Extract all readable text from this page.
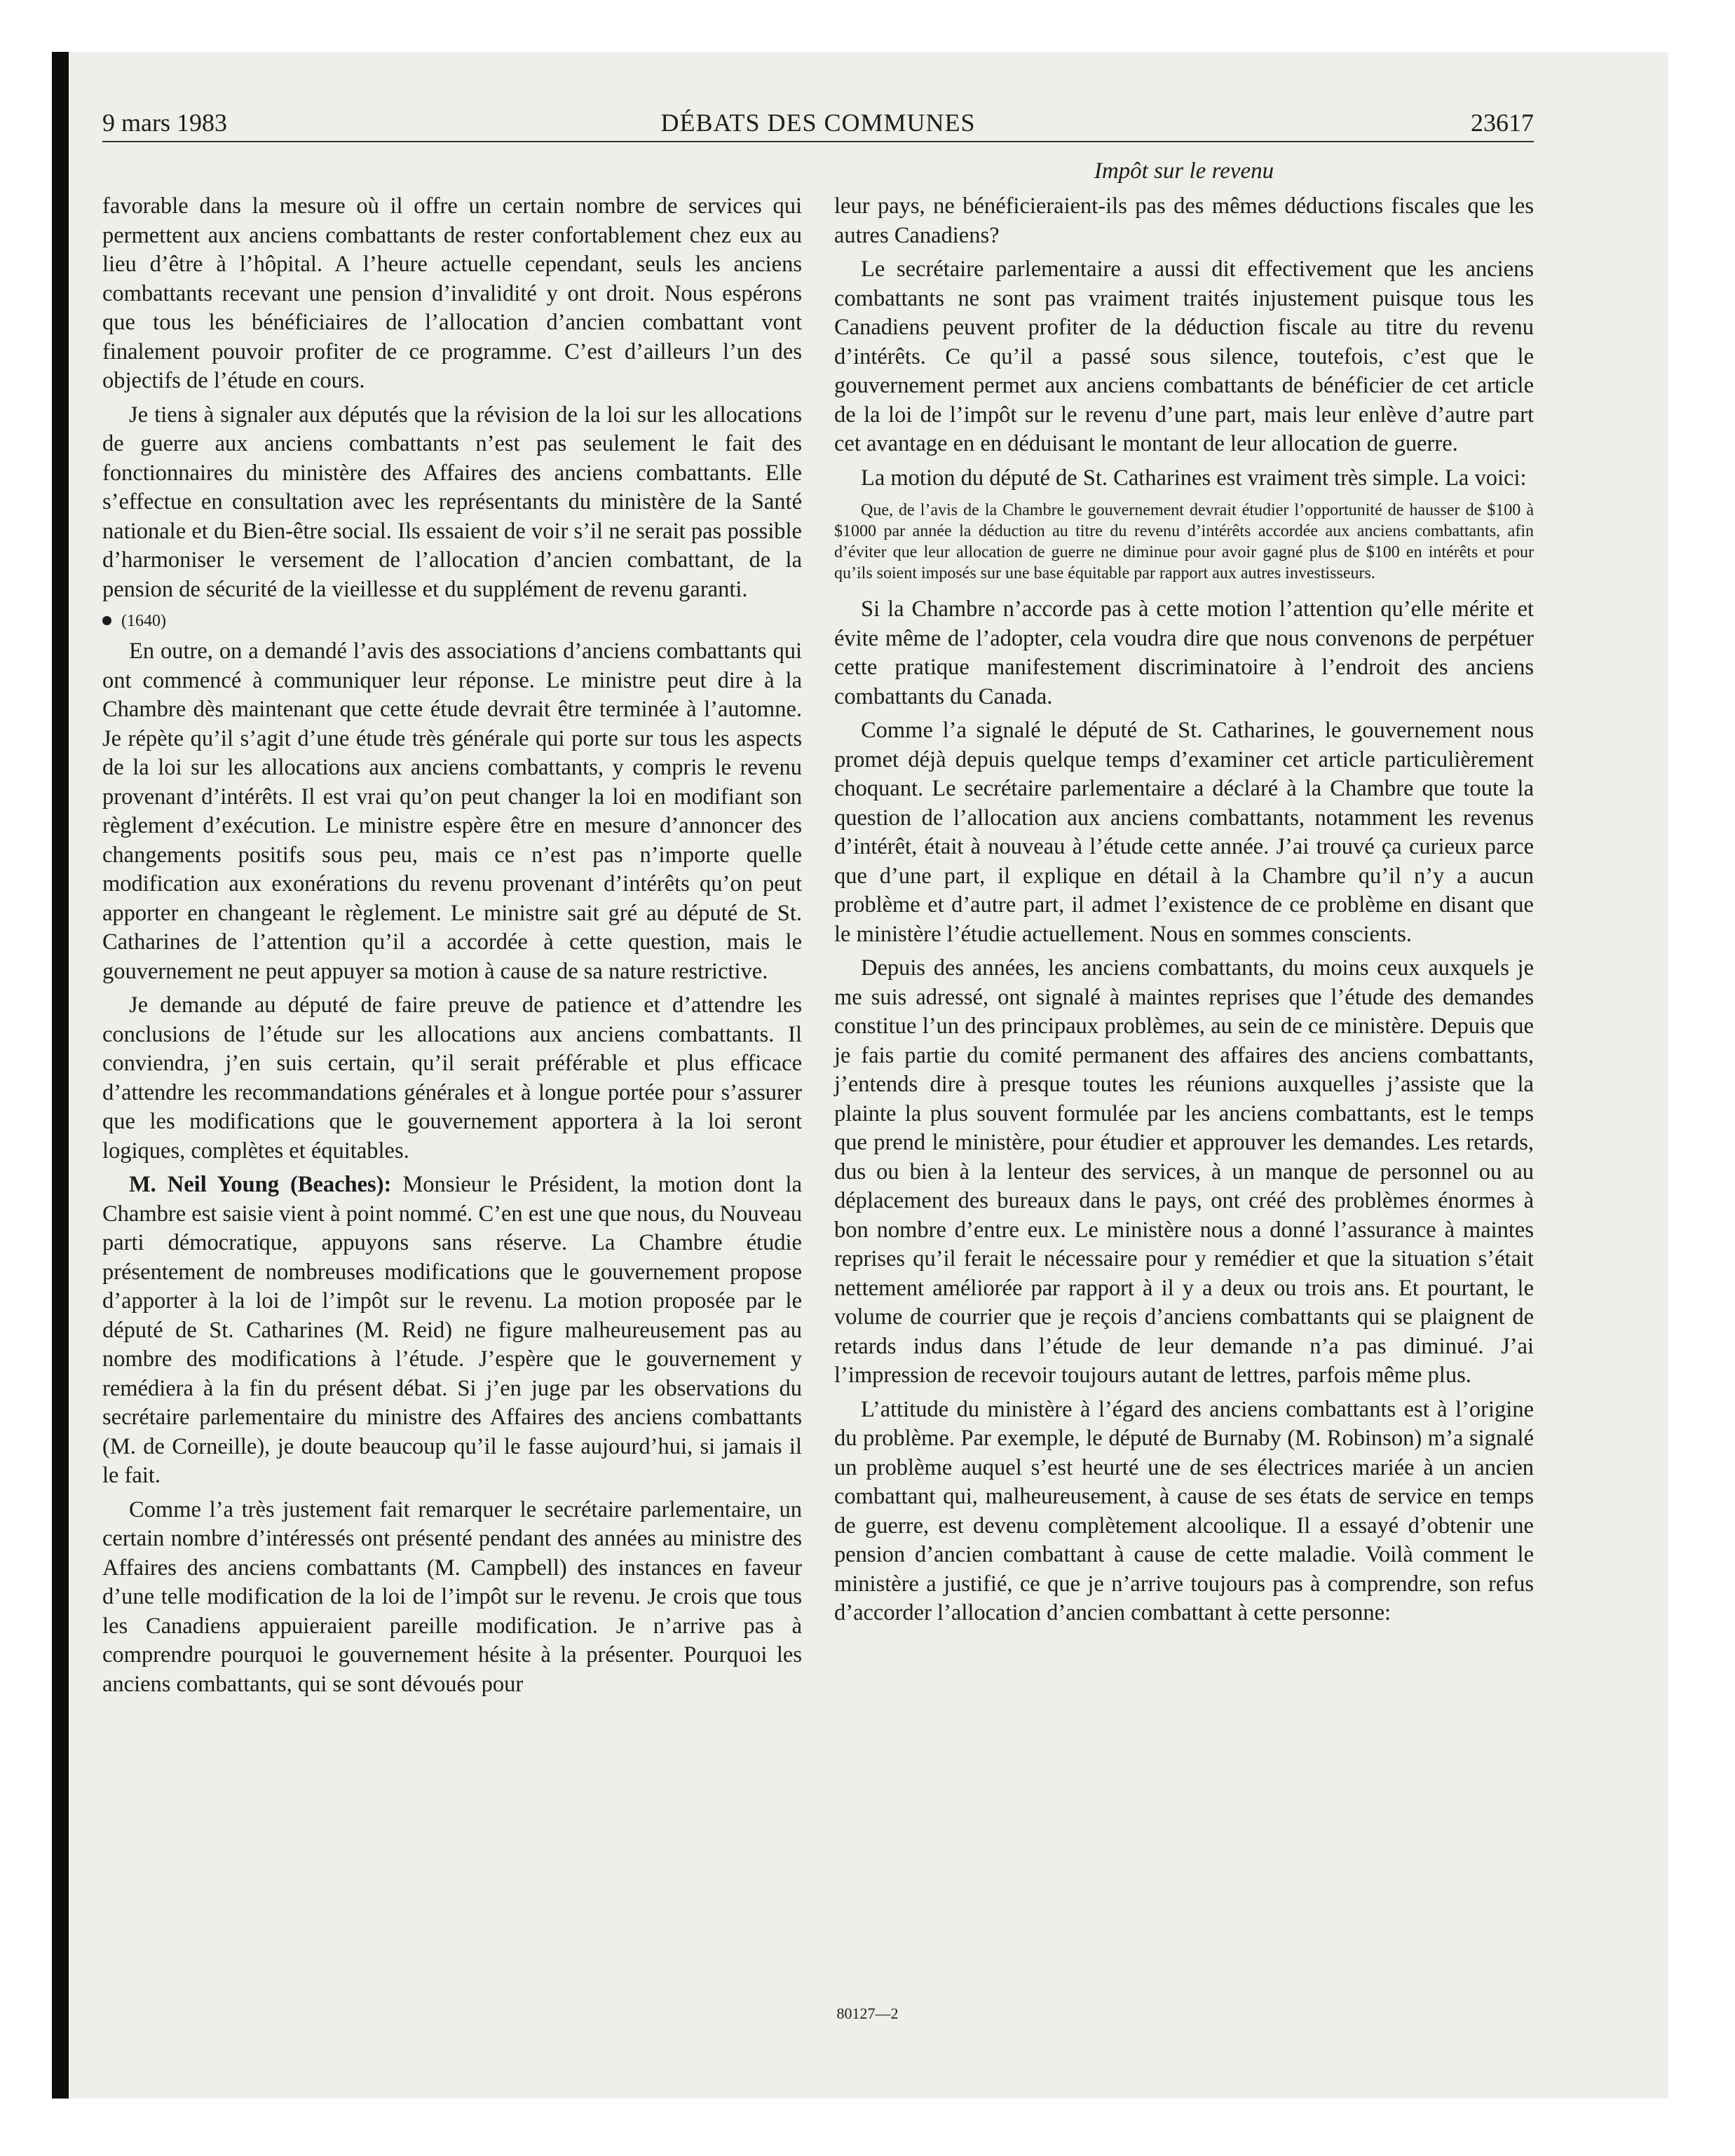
9 mars 1983	DÉBATS DES COMMUNES	23617
Impôt sur le revenu

favorable dans la mesure où il offre un certain nombre de services qui permettent aux anciens combattants de rester confortablement chez eux au lieu d’être à l’hôpital. A l’heure actuelle cependant, seuls les anciens combattants recevant une pension d’invalidité y ont droit. Nous espérons que tous les bénéficiaires de l’allocation d’ancien combattant vont finalement pouvoir profiter de ce programme. C’est d’ailleurs l’un des objectifs de l’étude en cours.

Je tiens à signaler aux députés que la révision de la loi sur les allocations de guerre aux anciens combattants n’est pas seulement le fait des fonctionnaires du ministère des Affaires des anciens combattants. Elle s’effectue en consultation avec les représentants du ministère de la Santé nationale et du Bien-être social. Ils essaient de voir s’il ne serait pas possible d’harmoniser le versement de l’allocation d’ancien combattant, de la pension de sécurité de la vieillesse et du supplément de revenu garanti.

(1640)

En outre, on a demandé l’avis des associations d’anciens combattants qui ont commencé à communiquer leur réponse. Le ministre peut dire à la Chambre dès maintenant que cette étude devrait être terminée à l’automne. Je répète qu’il s’agit d’une étude très générale qui porte sur tous les aspects de la loi sur les allocations aux anciens combattants, y compris le revenu provenant d’intérêts. Il est vrai qu’on peut changer la loi en modifiant son règlement d’exécution. Le ministre espère être en mesure d’annoncer des changements positifs sous peu, mais ce n’est pas n’importe quelle modification aux exonérations du revenu provenant d’intérêts qu’on peut apporter en changeant le règlement. Le ministre sait gré au député de St. Catharines de l’attention qu’il a accordée à cette question, mais le gouvernement ne peut appuyer sa motion à cause de sa nature restrictive.

Je demande au député de faire preuve de patience et d’attendre les conclusions de l’étude sur les allocations aux anciens combattants. Il conviendra, j’en suis certain, qu’il serait préférable et plus efficace d’attendre les recommandations générales et à longue portée pour s’assurer que les modifications que le gouvernement apportera à la loi seront logiques, complètes et équitables.

M. Neil Young (Beaches): Monsieur le Président, la motion dont la Chambre est saisie vient à point nommé. C’en est une que nous, du Nouveau parti démocratique, appuyons sans réserve. La Chambre étudie présentement de nombreuses modifications que le gouvernement propose d’apporter à la loi de l’impôt sur le revenu. La motion proposée par le député de St. Catharines (M. Reid) ne figure malheureusement pas au nombre des modifications à l’étude. J’espère que le gouvernement y remédiera à la fin du présent débat. Si j’en juge par les observations du secrétaire parlementaire du ministre des Affaires des anciens combattants (M. de Corneille), je doute beaucoup qu’il le fasse aujourd’hui, si jamais il le fait.

Comme l’a très justement fait remarquer le secrétaire parlementaire, un certain nombre d’intéressés ont présenté pendant des années au ministre des Affaires des anciens combattants (M. Campbell) des instances en faveur d’une telle modification de la loi de l’impôt sur le revenu. Je crois que tous les Canadiens appuieraient pareille modification. Je n’arrive pas à comprendre pourquoi le gouvernement hésite à la présenter. Pourquoi les anciens combattants, qui se sont dévoués pour

leur pays, ne bénéficieraient-ils pas des mêmes déductions fiscales que les autres Canadiens?

Le secrétaire parlementaire a aussi dit effectivement que les anciens combattants ne sont pas vraiment traités injustement puisque tous les Canadiens peuvent profiter de la déduction fiscale au titre du revenu d’intérêts. Ce qu’il a passé sous silence, toutefois, c’est que le gouvernement permet aux anciens combattants de bénéficier de cet article de la loi de l’impôt sur le revenu d’une part, mais leur enlève d’autre part cet avantage en en déduisant le montant de leur allocation de guerre.

La motion du député de St. Catharines est vraiment très simple. La voici:

Que, de l’avis de la Chambre le gouvernement devrait étudier l’opportunité de hausser de $100 à $1000 par année la déduction au titre du revenu d’intérêts accordée aux anciens combattants, afin d’éviter que leur allocation de guerre ne diminue pour avoir gagné plus de $100 en intérêts et pour qu’ils soient imposés sur une base équitable par rapport aux autres investisseurs.

Si la Chambre n’accorde pas à cette motion l’attention qu’elle mérite et évite même de l’adopter, cela voudra dire que nous convenons de perpétuer cette pratique manifestement discriminatoire à l’endroit des anciens combattants du Canada.

Comme l’a signalé le député de St. Catharines, le gouvernement nous promet déjà depuis quelque temps d’examiner cet article particulièrement choquant. Le secrétaire parlementaire a déclaré à la Chambre que toute la question de l’allocation aux anciens combattants, notamment les revenus d’intérêt, était à nouveau à l’étude cette année. J’ai trouvé ça curieux parce que d’une part, il explique en détail à la Chambre qu’il n’y a aucun problème et d’autre part, il admet l’existence de ce problème en disant que le ministère l’étudie actuellement. Nous en sommes conscients.

Depuis des années, les anciens combattants, du moins ceux auxquels je me suis adressé, ont signalé à maintes reprises que l’étude des demandes constitue l’un des principaux problèmes, au sein de ce ministère. Depuis que je fais partie du comité permanent des affaires des anciens combattants, j’entends dire à presque toutes les réunions auxquelles j’assiste que la plainte la plus souvent formulée par les anciens combattants, est le temps que prend le ministère, pour étudier et approuver les demandes. Les retards, dus ou bien à la lenteur des services, à un manque de personnel ou au déplacement des bureaux dans le pays, ont créé des problèmes énormes à bon nombre d’entre eux. Le ministère nous a donné l’assurance à maintes reprises qu’il ferait le nécessaire pour y remédier et que la situation s’était nettement améliorée par rapport à il y a deux ou trois ans. Et pourtant, le volume de courrier que je reçois d’anciens combattants qui se plaignent de retards indus dans l’étude de leur demande n’a pas diminué. J’ai l’impression de recevoir toujours autant de lettres, parfois même plus.

L’attitude du ministère à l’égard des anciens combattants est à l’origine du problème. Par exemple, le député de Burnaby (M. Robinson) m’a signalé un problème auquel s’est heurté une de ses électrices mariée à un ancien combattant qui, malheureusement, à cause de ses états de service en temps de guerre, est devenu complètement alcoolique. Il a essayé d’obtenir une pension d’ancien combattant à cause de cette maladie. Voilà comment le ministère a justifié, ce que je n’arrive toujours pas à comprendre, son refus d’accorder l’allocation d’ancien combattant à cette personne:

80127—2
